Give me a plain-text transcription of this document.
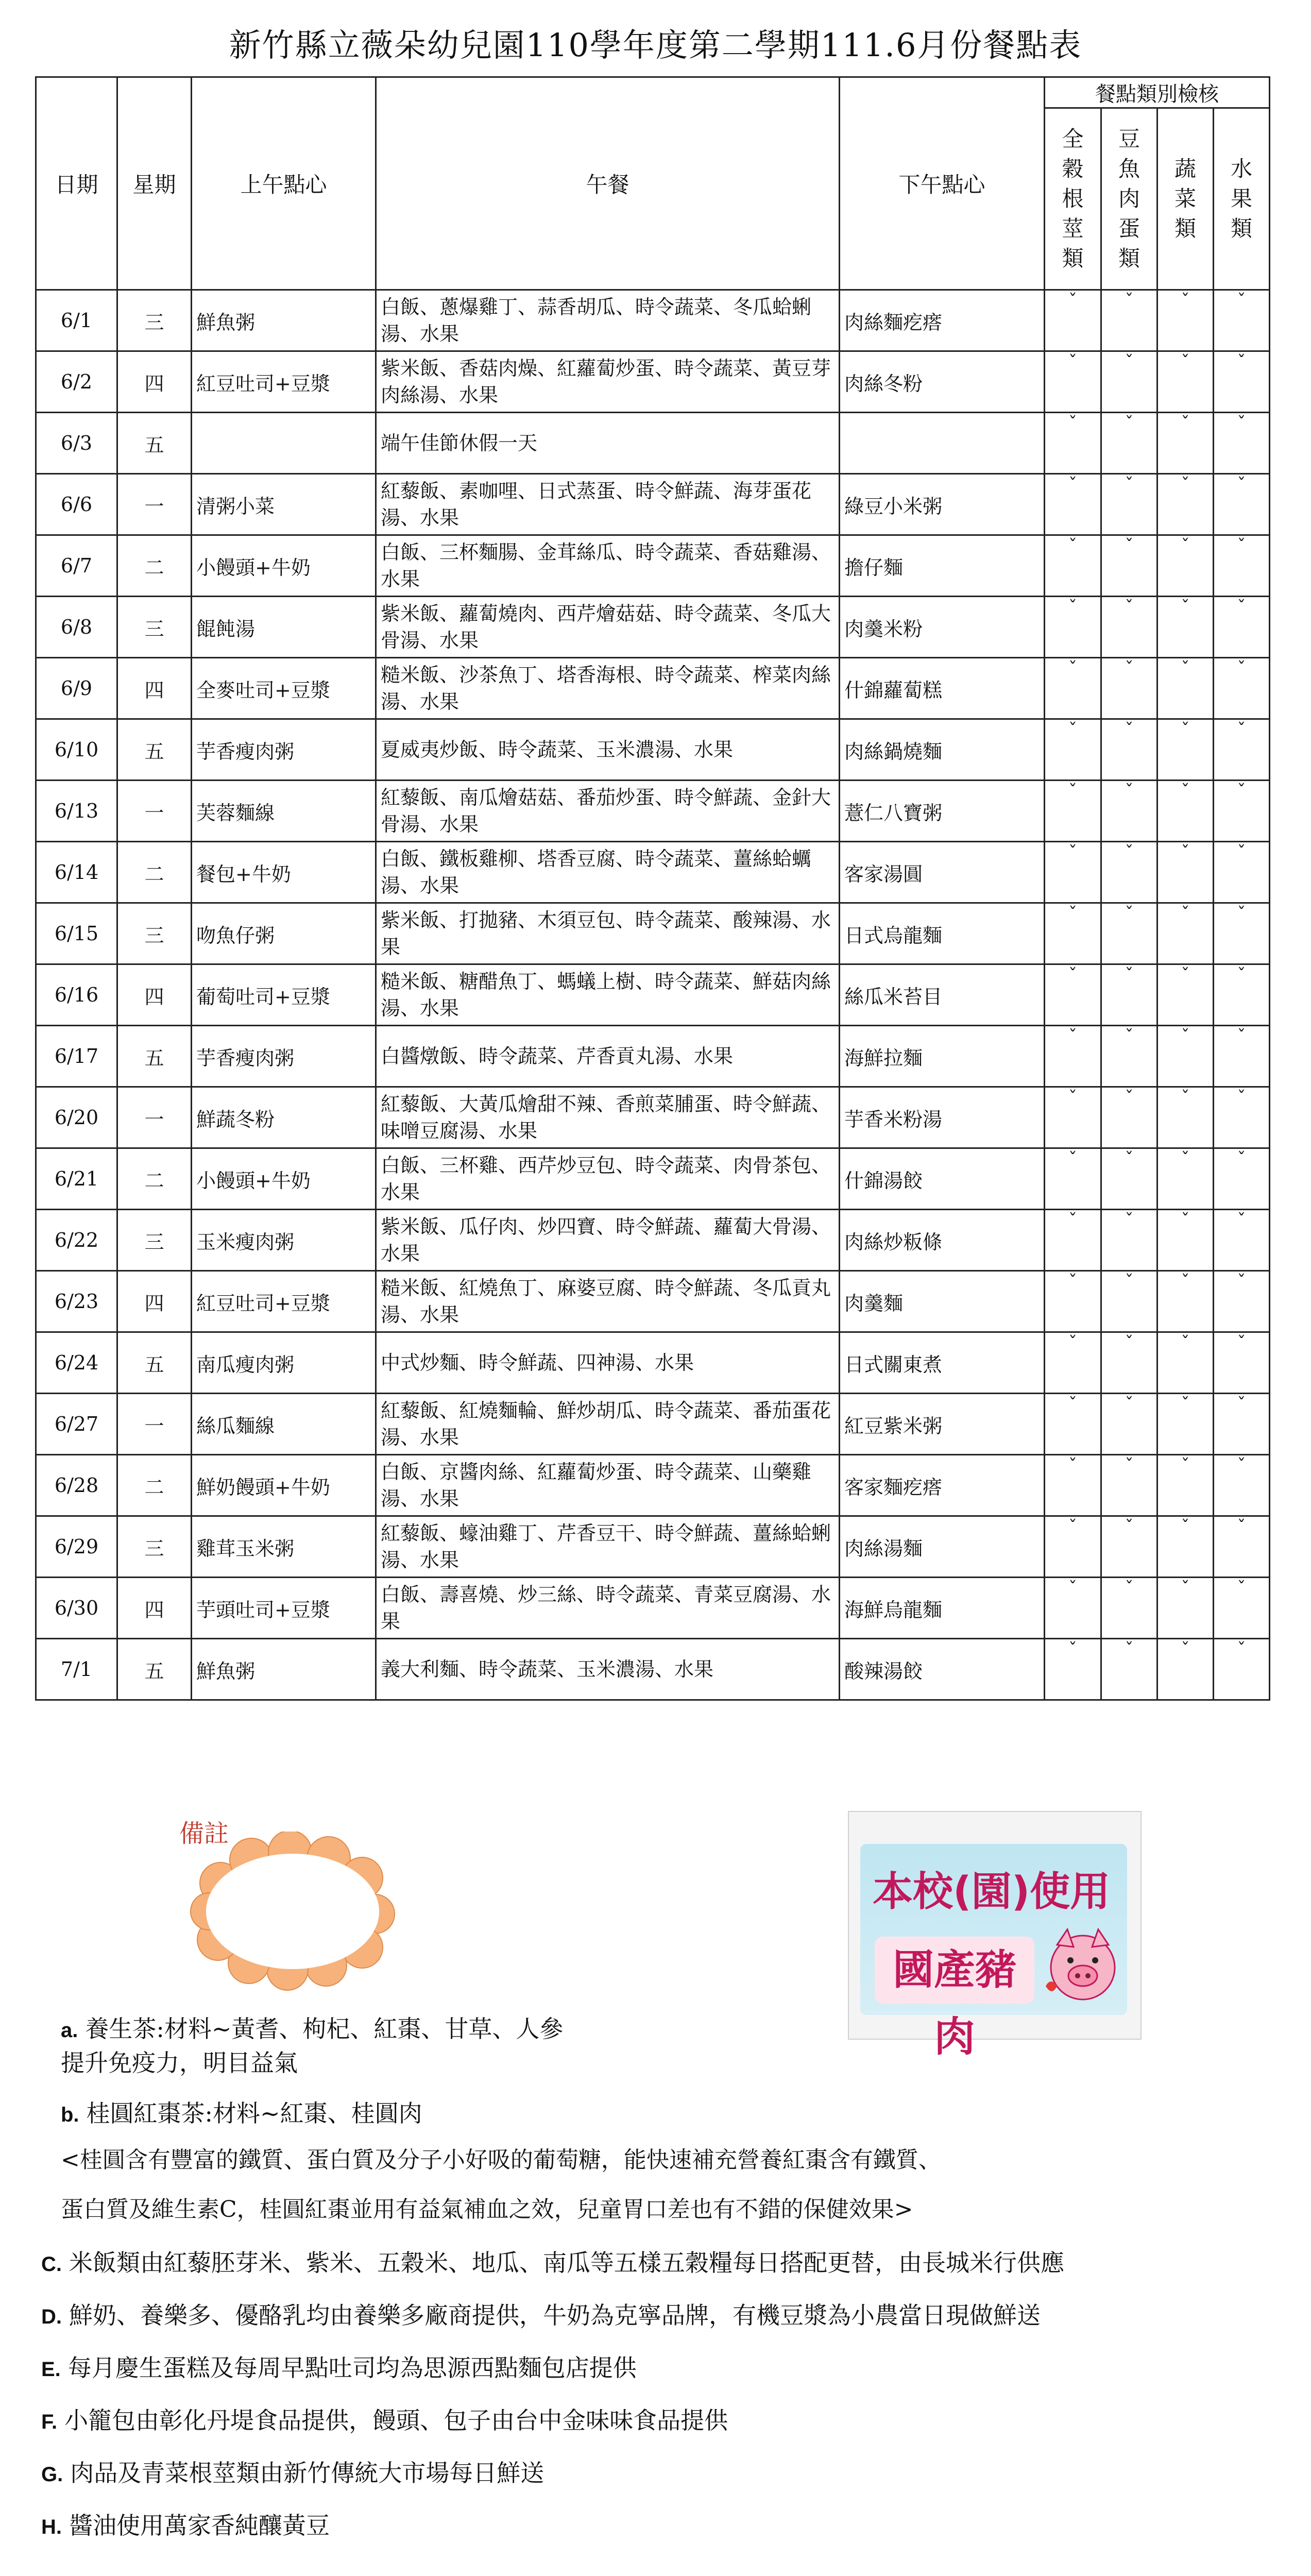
新竹縣立薇朵幼兒園110學年度第二學期111.6月份餐點表
日期	星期	上午點心	午餐	下午點心	餐點類別檢核			
					全穀根莖類	豆魚肉蛋類	蔬菜類	水果類
6/1	三	鮮魚粥	白飯、蔥爆雞丁、蒜香胡瓜、時令蔬菜、冬瓜蛤蜊湯、水果	肉絲麵疙瘩	ˇ	ˇ	ˇ	ˇ
6/2	四	紅豆吐司+豆漿	紫米飯、香菇肉燥、紅蘿蔔炒蛋、時令蔬菜、黃豆芽肉絲湯、水果	肉絲冬粉	ˇ	ˇ	ˇ	ˇ
6/3	五		端午佳節休假一天		ˇ	ˇ	ˇ	ˇ
6/6	一	清粥小菜	紅藜飯、素咖哩、日式蒸蛋、時令鮮蔬、海芽蛋花湯、水果	綠豆小米粥	ˇ	ˇ	ˇ	ˇ
6/7	二	小饅頭+牛奶	白飯、三杯麵腸、金茸絲瓜、時令蔬菜、香菇雞湯、水果	擔仔麵	ˇ	ˇ	ˇ	ˇ
6/8	三	餛飩湯	紫米飯、蘿蔔燒肉、西芹燴菇菇、時令蔬菜、冬瓜大骨湯、水果	肉羹米粉	ˇ	ˇ	ˇ	ˇ
6/9	四	全麥吐司+豆漿	糙米飯、沙茶魚丁、塔香海根、時令蔬菜、榨菜肉絲湯、水果	什錦蘿蔔糕	ˇ	ˇ	ˇ	ˇ
6/10	五	芋香瘦肉粥	夏威夷炒飯、時令蔬菜、玉米濃湯、水果	肉絲鍋燒麵	ˇ	ˇ	ˇ	ˇ
6/13	一	芙蓉麵線	紅藜飯、南瓜燴菇菇、番茄炒蛋、時令鮮蔬、金針大骨湯、水果	薏仁八寶粥	ˇ	ˇ	ˇ	ˇ
6/14	二	餐包+牛奶	白飯、鐵板雞柳、塔香豆腐、時令蔬菜、薑絲蛤蠣湯、水果	客家湯圓	ˇ	ˇ	ˇ	ˇ
6/15	三	吻魚仔粥	紫米飯、打拋豬、木須豆包、時令蔬菜、酸辣湯、水果	日式烏龍麵	ˇ	ˇ	ˇ	ˇ
6/16	四	葡萄吐司+豆漿	糙米飯、糖醋魚丁、螞蟻上樹、時令蔬菜、鮮菇肉絲湯、水果	絲瓜米苔目	ˇ	ˇ	ˇ	ˇ
6/17	五	芋香瘦肉粥	白醬燉飯、時令蔬菜、芹香貢丸湯、水果	海鮮拉麵	ˇ	ˇ	ˇ	ˇ
6/20	一	鮮蔬冬粉	紅藜飯、大黃瓜燴甜不辣、香煎菜脯蛋、時令鮮蔬、味噌豆腐湯、水果	芋香米粉湯	ˇ	ˇ	ˇ	ˇ
6/21	二	小饅頭+牛奶	白飯、三杯雞、西芹炒豆包、時令蔬菜、肉骨茶包、水果	什錦湯餃	ˇ	ˇ	ˇ	ˇ
6/22	三	玉米瘦肉粥	紫米飯、瓜仔肉、炒四寶、時令鮮蔬、蘿蔔大骨湯、水果	肉絲炒粄條	ˇ	ˇ	ˇ	ˇ
6/23	四	紅豆吐司+豆漿	糙米飯、紅燒魚丁、麻婆豆腐、時令鮮蔬、冬瓜貢丸湯、水果	肉羹麵	ˇ	ˇ	ˇ	ˇ
6/24	五	南瓜瘦肉粥	中式炒麵、時令鮮蔬、四神湯、水果	日式關東煮	ˇ	ˇ	ˇ	ˇ
6/27	一	絲瓜麵線	紅藜飯、紅燒麵輪、鮮炒胡瓜、時令蔬菜、番茄蛋花湯、水果	紅豆紫米粥	ˇ	ˇ	ˇ	ˇ
6/28	二	鮮奶饅頭+牛奶	白飯、京醬肉絲、紅蘿蔔炒蛋、時令蔬菜、山藥雞湯、水果	客家麵疙瘩	ˇ	ˇ	ˇ	ˇ
6/29	三	雞茸玉米粥	紅藜飯、蠔油雞丁、芹香豆干、時令鮮蔬、薑絲蛤蜊湯、水果	肉絲湯麵	ˇ	ˇ	ˇ	ˇ
6/30	四	芋頭吐司+豆漿	白飯、壽喜燒、炒三絲、時令蔬菜、青菜豆腐湯、水果	海鮮烏龍麵	ˇ	ˇ	ˇ	ˇ
7/1	五	鮮魚粥	義大利麵、時令蔬菜、玉米濃湯、水果	酸辣湯餃	ˇ	ˇ	ˇ	ˇ
備註
本校(園)使用
國產豬肉
a. 養生茶:材料~黃耆、枸杞、紅棗、甘草、人參
提升免疫力，明目益氣
b. 桂圓紅棗茶:材料~紅棗、桂圓肉
<桂圓含有豐富的鐵質、蛋白質及分子小好吸的葡萄糖，能快速補充營養紅棗含有鐵質、
蛋白質及維生素C，桂圓紅棗並用有益氣補血之效，兒童胃口差也有不錯的保健效果>
C. 米飯類由紅藜胚芽米、紫米、五穀米、地瓜、南瓜等五樣五穀糧每日搭配更替，由長城米行供應
D. 鮮奶、養樂多、優酪乳均由養樂多廠商提供，牛奶為克寧品牌，有機豆漿為小農當日現做鮮送
E. 每月慶生蛋糕及每周早點吐司均為思源西點麵包店提供
F. 小籠包由彰化丹堤食品提供，饅頭、包子由台中金味味食品提供
G. 肉品及青菜根莖類由新竹傳統大市場每日鮮送
H. 醬油使用萬家香純釀黃豆
